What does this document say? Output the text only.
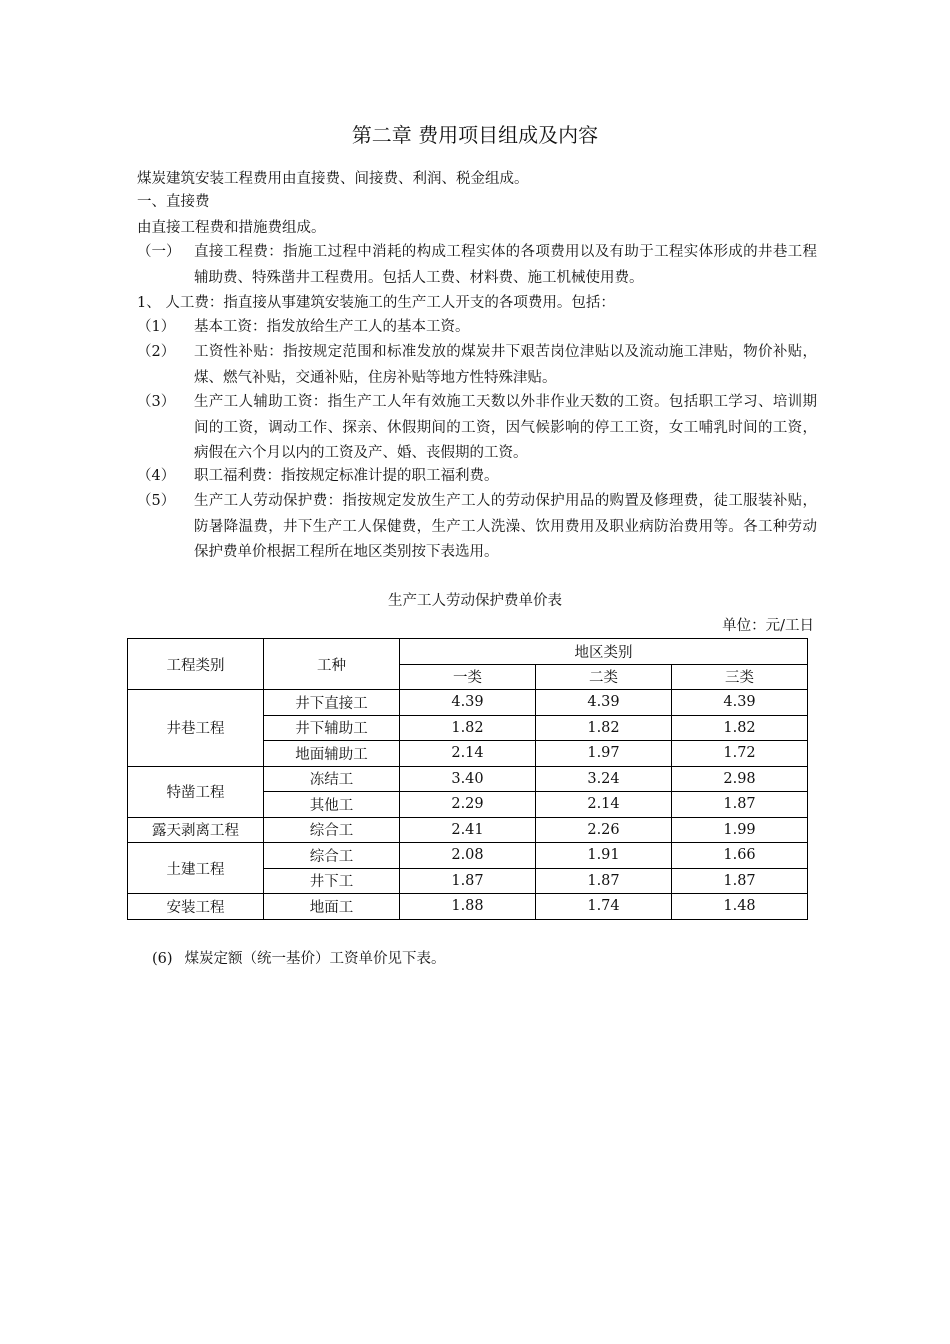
第二章 费用项目组成及内容
煤炭建筑安装工程费用由直接费、间接费、利润、税金组成。
一、直接费
由直接工程费和措施费组成。
（一） 直接工程费：指施工过程中消耗的构成工程实体的各项费用以及有助于工程实体形成的井巷工程辅助费、特殊凿井工程费用。包括人工费、材料费、施工机械使用费。
1、 人工费：指直接从事建筑安装施工的生产工人开支的各项费用。包括：
（1） 基本工资：指发放给生产工人的基本工资。
（2） 工资性补贴：指按规定范围和标准发放的煤炭井下艰苦岗位津贴以及流动施工津贴，物价补贴，煤、燃气补贴，交通补贴，住房补贴等地方性特殊津贴。
（3） 生产工人辅助工资：指生产工人年有效施工天数以外非作业天数的工资。包括职工学习、培训期间的工资，调动工作、探亲、休假期间的工资，因气候影响的停工工资，女工哺乳时间的工资，病假在六个月以内的工资及产、婚、丧假期的工资。
（4） 职工福利费：指按规定标准计提的职工福利费。
（5） 生产工人劳动保护费：指按规定发放生产工人的劳动保护用品的购置及修理费，徒工服装补贴，防暑降温费，井下生产工人保健费，生产工人洗澡、饮用费用及职业病防治费用等。各工种劳动保护费单价根据工程所在地区类别按下表选用。
生产工人劳动保护费单价表
单位：元/工日
工程类别	工种	地区类别		
		一类	二类	三类
井巷工程	井下直接工	4.39	4.39	4.39
	井下辅助工	1.82	1.82	1.82
	地面辅助工	2.14	1.97	1.72
特凿工程	冻结工	3.40	3.24	2.98
	其他工	2.29	2.14	1.87
露天剥离工程	综合工	2.41	2.26	1.99
土建工程	综合工	2.08	1.91	1.66
	井下工	1.87	1.87	1.87
安装工程	地面工	1.88	1.74	1.48
(6) 煤炭定额（统一基价）工资单价见下表。
